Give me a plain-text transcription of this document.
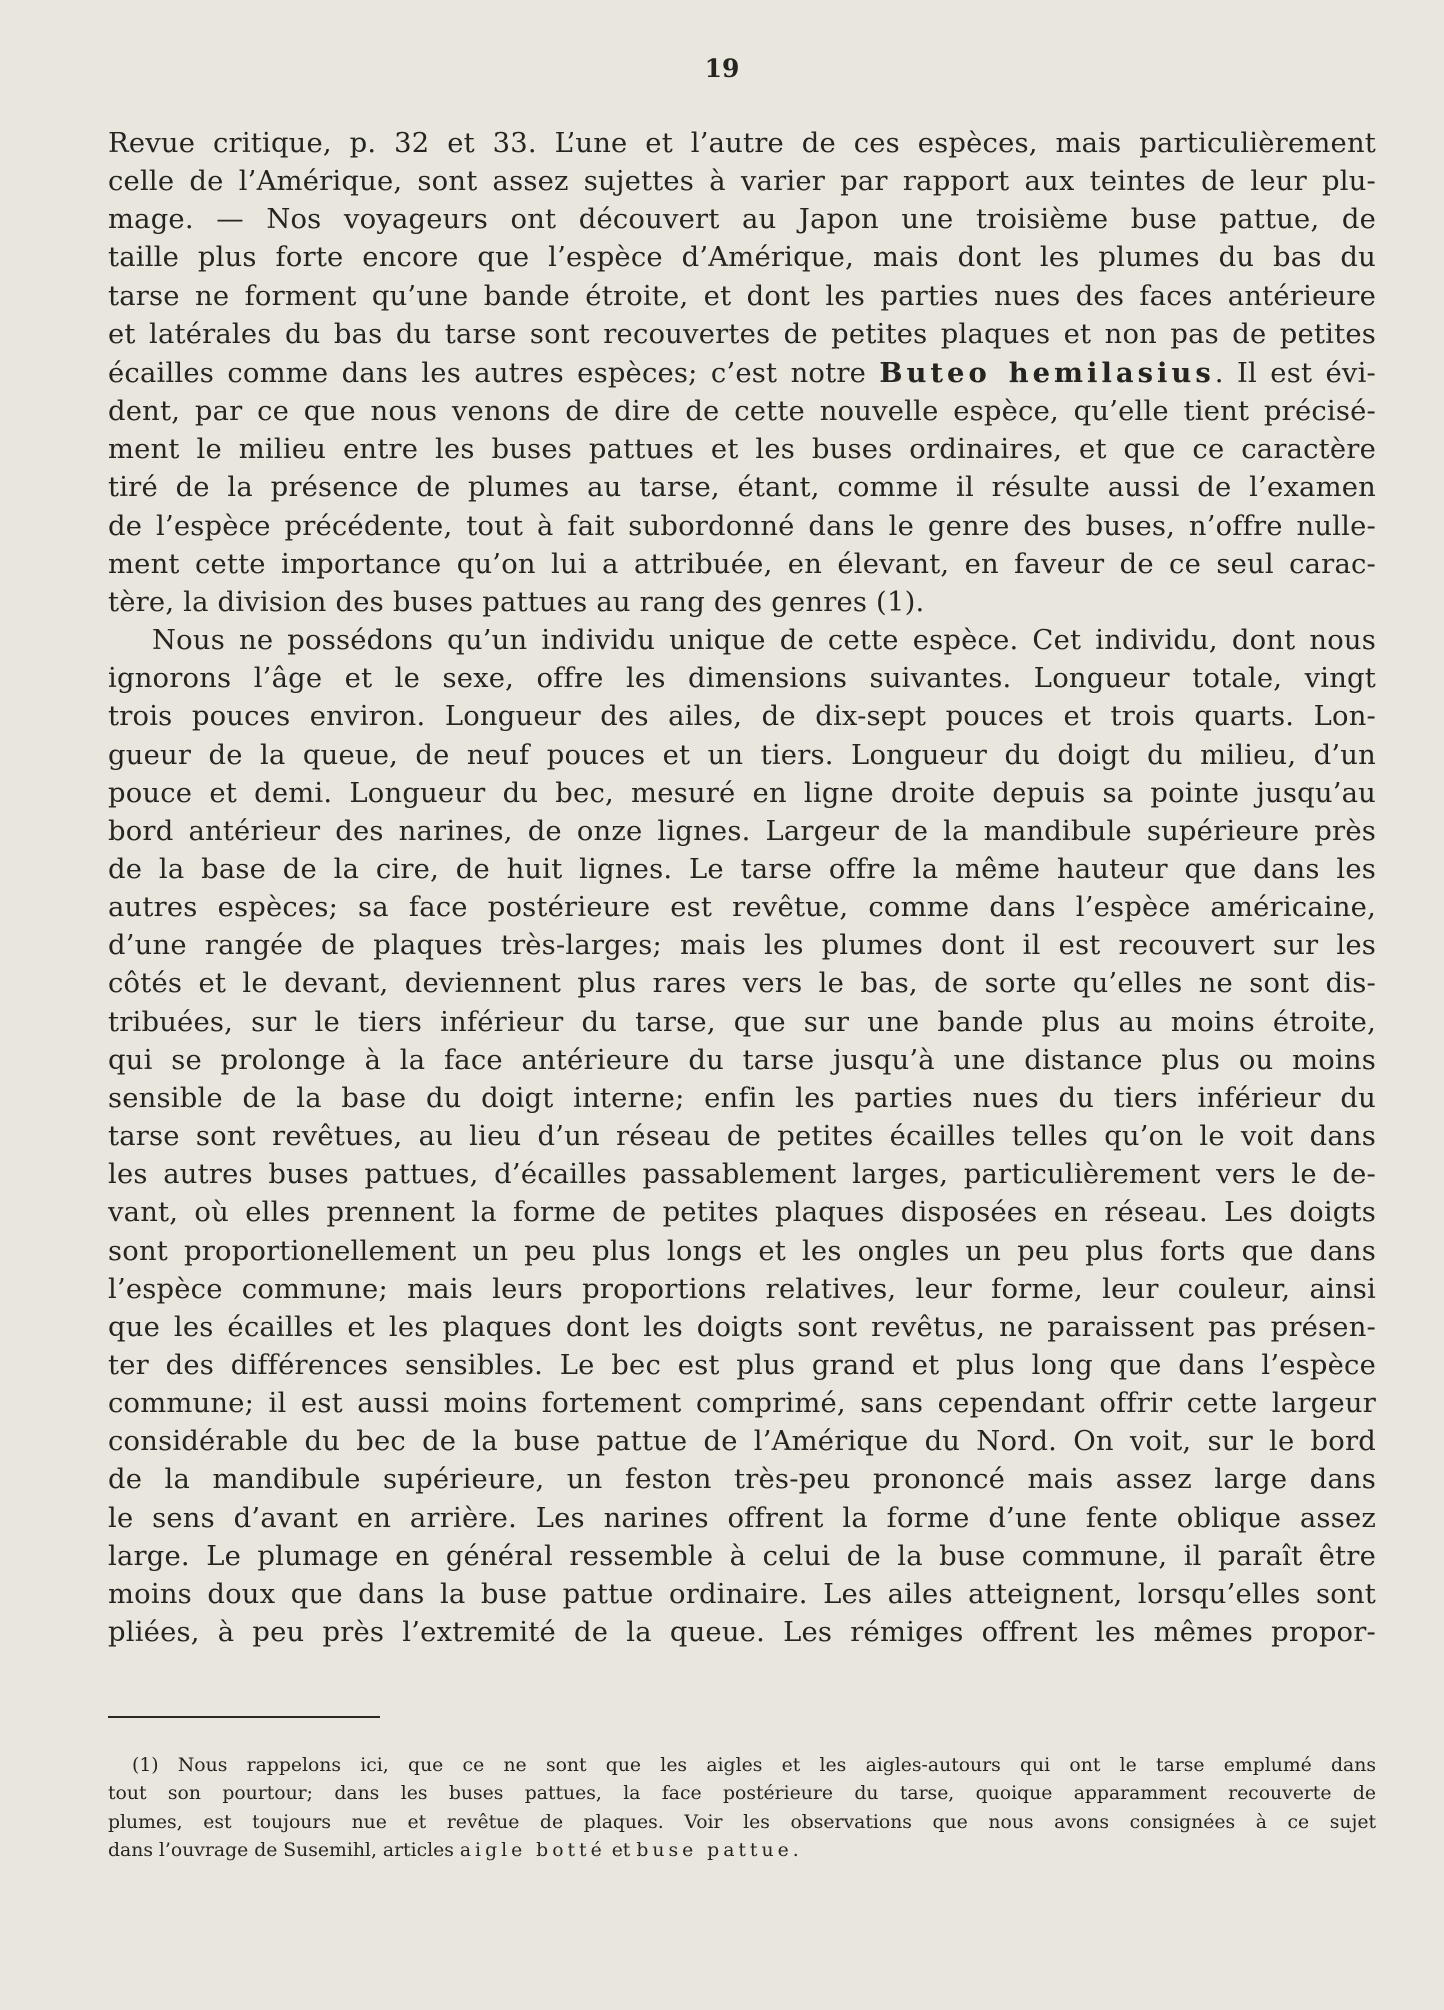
19
Revue critique, p. 32 et 33. L’une et l’autre de ces espèces, mais particulièrement
celle de l’Amérique, sont assez sujettes à varier par rapport aux teintes de leur plu-
mage. — Nos voyageurs ont découvert au Japon une troisième buse pattue, de
taille plus forte encore que l’espèce d’Amérique, mais dont les plumes du bas du
tarse ne forment qu’une bande étroite, et dont les parties nues des faces antérieure
et latérales du bas du tarse sont recouvertes de petites plaques et non pas de petites
écailles comme dans les autres espèces; c’est notre Buteo hemilasius. Il est évi-
dent, par ce que nous venons de dire de cette nouvelle espèce, qu’elle tient précisé-
ment le milieu entre les buses pattues et les buses ordinaires, et que ce caractère
tiré de la présence de plumes au tarse, étant, comme il résulte aussi de l’examen
de l’espèce précédente, tout à fait subordonné dans le genre des buses, n’offre nulle-
ment cette importance qu’on lui a attribuée, en élevant, en faveur de ce seul carac-
tère, la division des buses pattues au rang des genres (1).
Nous ne possédons qu’un individu unique de cette espèce. Cet individu, dont nous
ignorons l’âge et le sexe, offre les dimensions suivantes. Longueur totale, vingt
trois pouces environ. Longueur des ailes, de dix-sept pouces et trois quarts. Lon-
gueur de la queue, de neuf pouces et un tiers. Longueur du doigt du milieu, d’un
pouce et demi. Longueur du bec, mesuré en ligne droite depuis sa pointe jusqu’au
bord antérieur des narines, de onze lignes. Largeur de la mandibule supérieure près
de la base de la cire, de huit lignes. Le tarse offre la même hauteur que dans les
autres espèces; sa face postérieure est revêtue, comme dans l’espèce américaine,
d’une rangée de plaques très-larges; mais les plumes dont il est recouvert sur les
côtés et le devant, deviennent plus rares vers le bas, de sorte qu’elles ne sont dis-
tribuées, sur le tiers inférieur du tarse, que sur une bande plus au moins étroite,
qui se prolonge à la face antérieure du tarse jusqu’à une distance plus ou moins
sensible de la base du doigt interne; enfin les parties nues du tiers inférieur du
tarse sont revêtues, au lieu d’un réseau de petites écailles telles qu’on le voit dans
les autres buses pattues, d’écailles passablement larges, particulièrement vers le de-
vant, où elles prennent la forme de petites plaques disposées en réseau. Les doigts
sont proportionellement un peu plus longs et les ongles un peu plus forts que dans
l’espèce commune; mais leurs proportions relatives, leur forme, leur couleur, ainsi
que les écailles et les plaques dont les doigts sont revêtus, ne paraissent pas présen-
ter des différences sensibles. Le bec est plus grand et plus long que dans l’espèce
commune; il est aussi moins fortement comprimé, sans cependant offrir cette largeur
considérable du bec de la buse pattue de l’Amérique du Nord. On voit, sur le bord
de la mandibule supérieure, un feston très-peu prononcé mais assez large dans
le sens d’avant en arrière. Les narines offrent la forme d’une fente oblique assez
large. Le plumage en général ressemble à celui de la buse commune, il paraît être
moins doux que dans la buse pattue ordinaire. Les ailes atteignent, lorsqu’elles sont
pliées, à peu près l’extremité de la queue. Les rémiges offrent les mêmes propor-
(1) Nous rappelons ici, que ce ne sont que les aigles et les aigles-autours qui ont le tarse emplumé dans
tout son pourtour; dans les buses pattues, la face postérieure du tarse, quoique apparamment recouverte de
plumes, est toujours nue et revêtue de plaques. Voir les observations que nous avons consignées à ce sujet
dans l’ouvrage de Susemihl, articles aigle botté et buse pattue.
